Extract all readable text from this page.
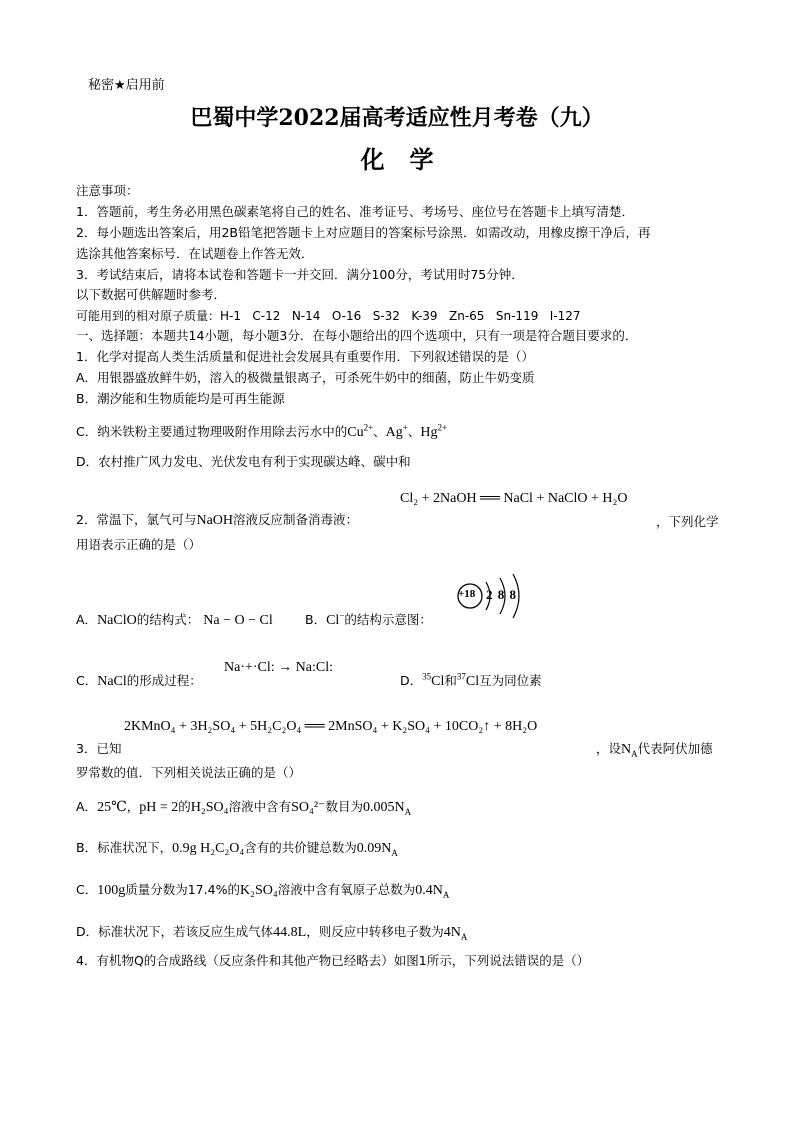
秘密★启用前
巴蜀中学2022届高考适应性月考卷（九）
化   学
注意事项：
1．答题前，考生务必用黑色碳素笔将自己的姓名、准考证号、考场号、座位号在答题卡上填写清楚．
2．每小题选出答案后，用2B铅笔把答题卡上对应题目的答案标号涂黑．如需改动，用橡皮擦干净后，再
选涂其他答案标号．在试题卷上作答无效．
3．考试结束后，请将本试卷和答题卡一并交回．满分100分，考试用时75分钟．
以下数据可供解题时参考．
可能用到的相对原子质量：H-1   C-12   N-14   O-16   S-32   K-39   Zn-65   Sn-119   I-127
一、选择题：本题共14小题，每小题3分．在每小题给出的四个选项中，只有一项是符合题目要求的．
1．化学对提高人类生活质量和促进社会发展具有重要作用．下列叙述错误的是（）
A．用银器盛放鲜牛奶，溶入的极微量银离子，可杀死牛奶中的细菌，防止牛奶变质
B．潮汐能和生物质能均是可再生能源
C．纳米铁粉主要通过物理吸附作用除去污水中的$Cu^{2+}$、Ag+、$Hg^{2+}$
D．农村推广风力发电、光伏发电有利于实现碳达峰、碳中和
Cl₂ + 2NaOH ══ NaCl + NaClO + H₂O
2．常温下，氯气可与NaOH溶液反应制备消毒液：	，下列化学
用语表示正确的是（）
A．NaClO的结构式： Na − O − Cl	B．Cl−的结构示意图：
+18 2 8 8
C．NaCl的形成过程：
Na·+·Cl: → Na:Cl:
D．$^{35}$Cl和$^{37}$Cl互为同位素
2KMnO₄ + 3H₂SO₄ + 5H₂C₂O₄ ══ 2MnSO₄ + K₂SO₄ + 10CO₂↑ + 8H₂O
3．已知	，设$N_A$代表阿伏加德
罗常数的值．下列相关说法正确的是（）
A．25℃，pH = 2的H₂SO₄溶液中含有SO₄²⁻数目为$0.005N_A$
B．标准状况下，0.9g H₂C₂O₄含有的共价键总数为$0.09N_A$
C．100g质量分数为17.4%的K₂SO₄溶液中含有氧原子总数为$0.4N_A$
D．标准状况下，若该反应生成气体44.8L，则反应中转移电子数为$4N_A$
4．有机物Q的合成路线（反应条件和其他产物已经略去）如图1所示，下列说法错误的是（）
